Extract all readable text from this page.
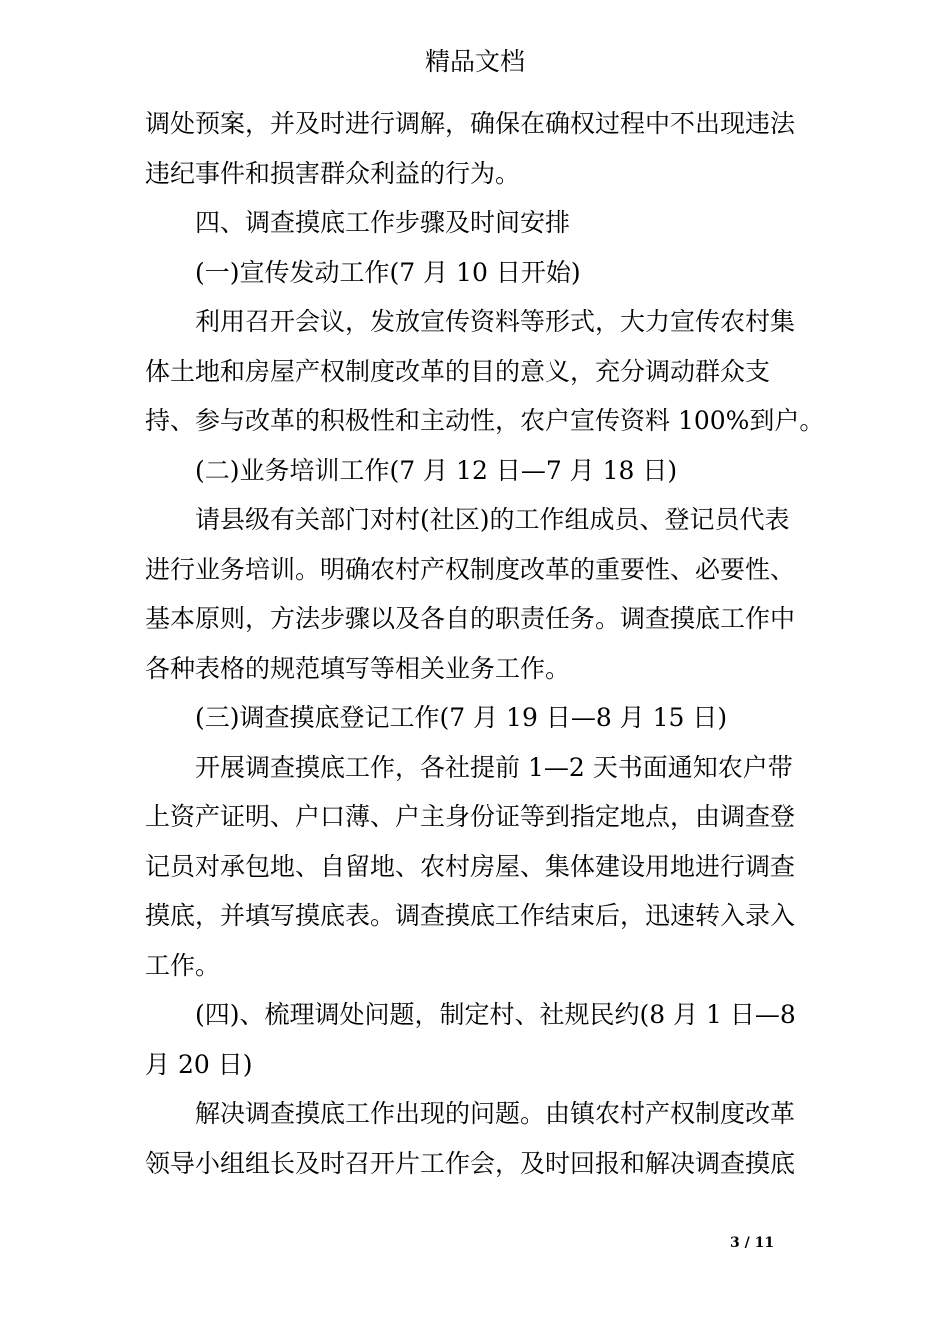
精品文档
调处预案，并及时进行调解，确保在确权过程中不出现违法
违纪事件和损害群众利益的行为。
四、调查摸底工作步骤及时间安排
(一)宣传发动工作(7 月 10 日开始)
利用召开会议，发放宣传资料等形式，大力宣传农村集
体土地和房屋产权制度改革的目的意义，充分调动群众支
持、参与改革的积极性和主动性，农户宣传资料 100%到户。
(二)业务培训工作(7 月 12 日—7 月 18 日)
请县级有关部门对村(社区)的工作组成员、登记员代表
进行业务培训。明确农村产权制度改革的重要性、必要性、
基本原则，方法步骤以及各自的职责任务。调查摸底工作中
各种表格的规范填写等相关业务工作。
(三)调查摸底登记工作(7 月 19 日—8 月 15 日)
开展调查摸底工作，各社提前 1—2 天书面通知农户带
上资产证明、户口薄、户主身份证等到指定地点，由调查登
记员对承包地、自留地、农村房屋、集体建设用地进行调查
摸底，并填写摸底表。调查摸底工作结束后，迅速转入录入
工作。
(四)、梳理调处问题，制定村、社规民约(8 月 1 日—8
月 20 日)
解决调查摸底工作出现的问题。由镇农村产权制度改革
领导小组组长及时召开片工作会，及时回报和解决调查摸底
3 / 11
